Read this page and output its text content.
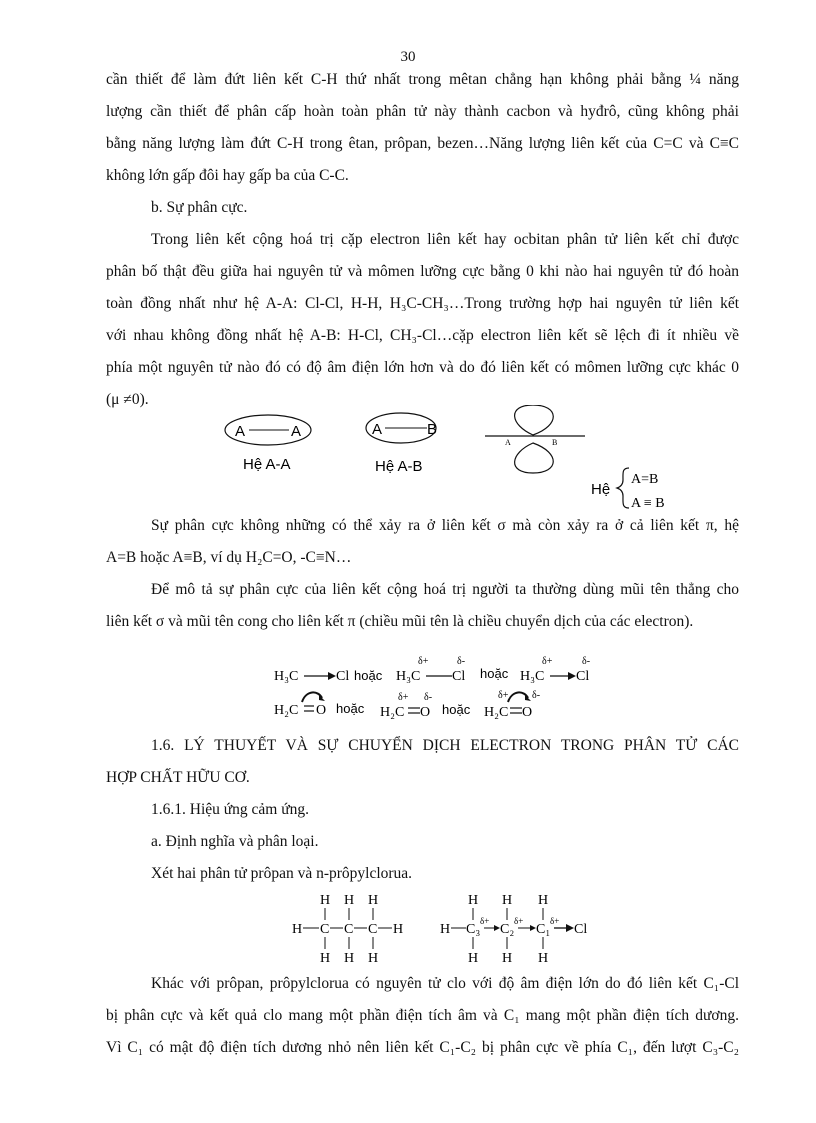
30
cần thiết để làm đứt liên kết C-H thứ nhất trong mêtan chẳng hạn không phải bằng ¼ năng
lượng cần thiết để phân cấp hoàn toàn phân tử này thành cacbon và hyđrô, cũng không phải
bằng năng lượng làm đứt C-H trong êtan, prôpan, bezen…Năng lượng liên kết của C=C và C≡C
không lớn gấp đôi hay gấp ba của C-C.
b. Sự phân cực.
Trong liên kết cộng hoá trị cặp electron liên kết hay ocbitan phân tử liên kết chỉ được
phân bố thật đều giữa hai nguyên tử và mômen lưỡng cực bằng 0 khi nào hai nguyên tử đó hoàn
toàn đồng nhất như hệ A-A: Cl-Cl, H-H, H₃C-CH₃…Trong trường hợp hai nguyên tử liên kết
với nhau không đồng nhất hệ A-B: H-Cl, CH₃-Cl…cặp electron liên kết sẽ lệch đi ít nhiều về
phía một nguyên tử nào đó có độ âm điện lớn hơn và do đó liên kết có mômen lưỡng cực khác 0
(μ ≠0).
A	A
Hệ A-A
A	B
Hệ A-B
A	B
Hệ
A=B
A ≡ B
Sự phân cực không những có thể xảy ra ở liên kết σ mà còn xảy ra ở cả liên kết π, hệ
A=B hoặc A≡B, ví dụ H₂C=O, -C≡N…
Để mô tả sự phân cực của liên kết cộng hoá trị người ta thường dùng mũi tên thẳng cho
liên kết σ và mũi tên cong cho liên kết π (chiều mũi tên là chiều chuyển dịch của các electron).
H₃C	Cl hoặc H₃C
δ+
Cl
δ-
hoặc H₃C
δ+
Cl
δ-
H₂C O hoặc H₂C
δ+
O
δ-
hoặc H₂C
δ+
O
δ-
1.6. LÝ THUYẾT VÀ SỰ CHUYỂN DỊCH ELECTRON TRONG PHÂN TỬ CÁC
HỢP CHẤT HỮU CƠ.
1.6.1. Hiệu ứng cảm ứng.
a. Định nghĩa và phân loại.
Xét hai phân tử prôpan và n-prôpylclorua.
H H H
H C C C H
H H H
H H H
H C₃
δ+
C₂
δ+
C₁
δ+
Cl
H H H
Khác với prôpan, prôpylclorua có nguyên tử clo với độ âm điện lớn do đó liên kết C₁-Cl
bị phân cực và kết quả clo mang một phần điện tích âm và C₁ mang một phần điện tích dương.
Vì C₁ có mật độ điện tích dương nhỏ nên liên kết C₁-C₂ bị phân cực về phía C₁, đến lượt C₃-C₂
